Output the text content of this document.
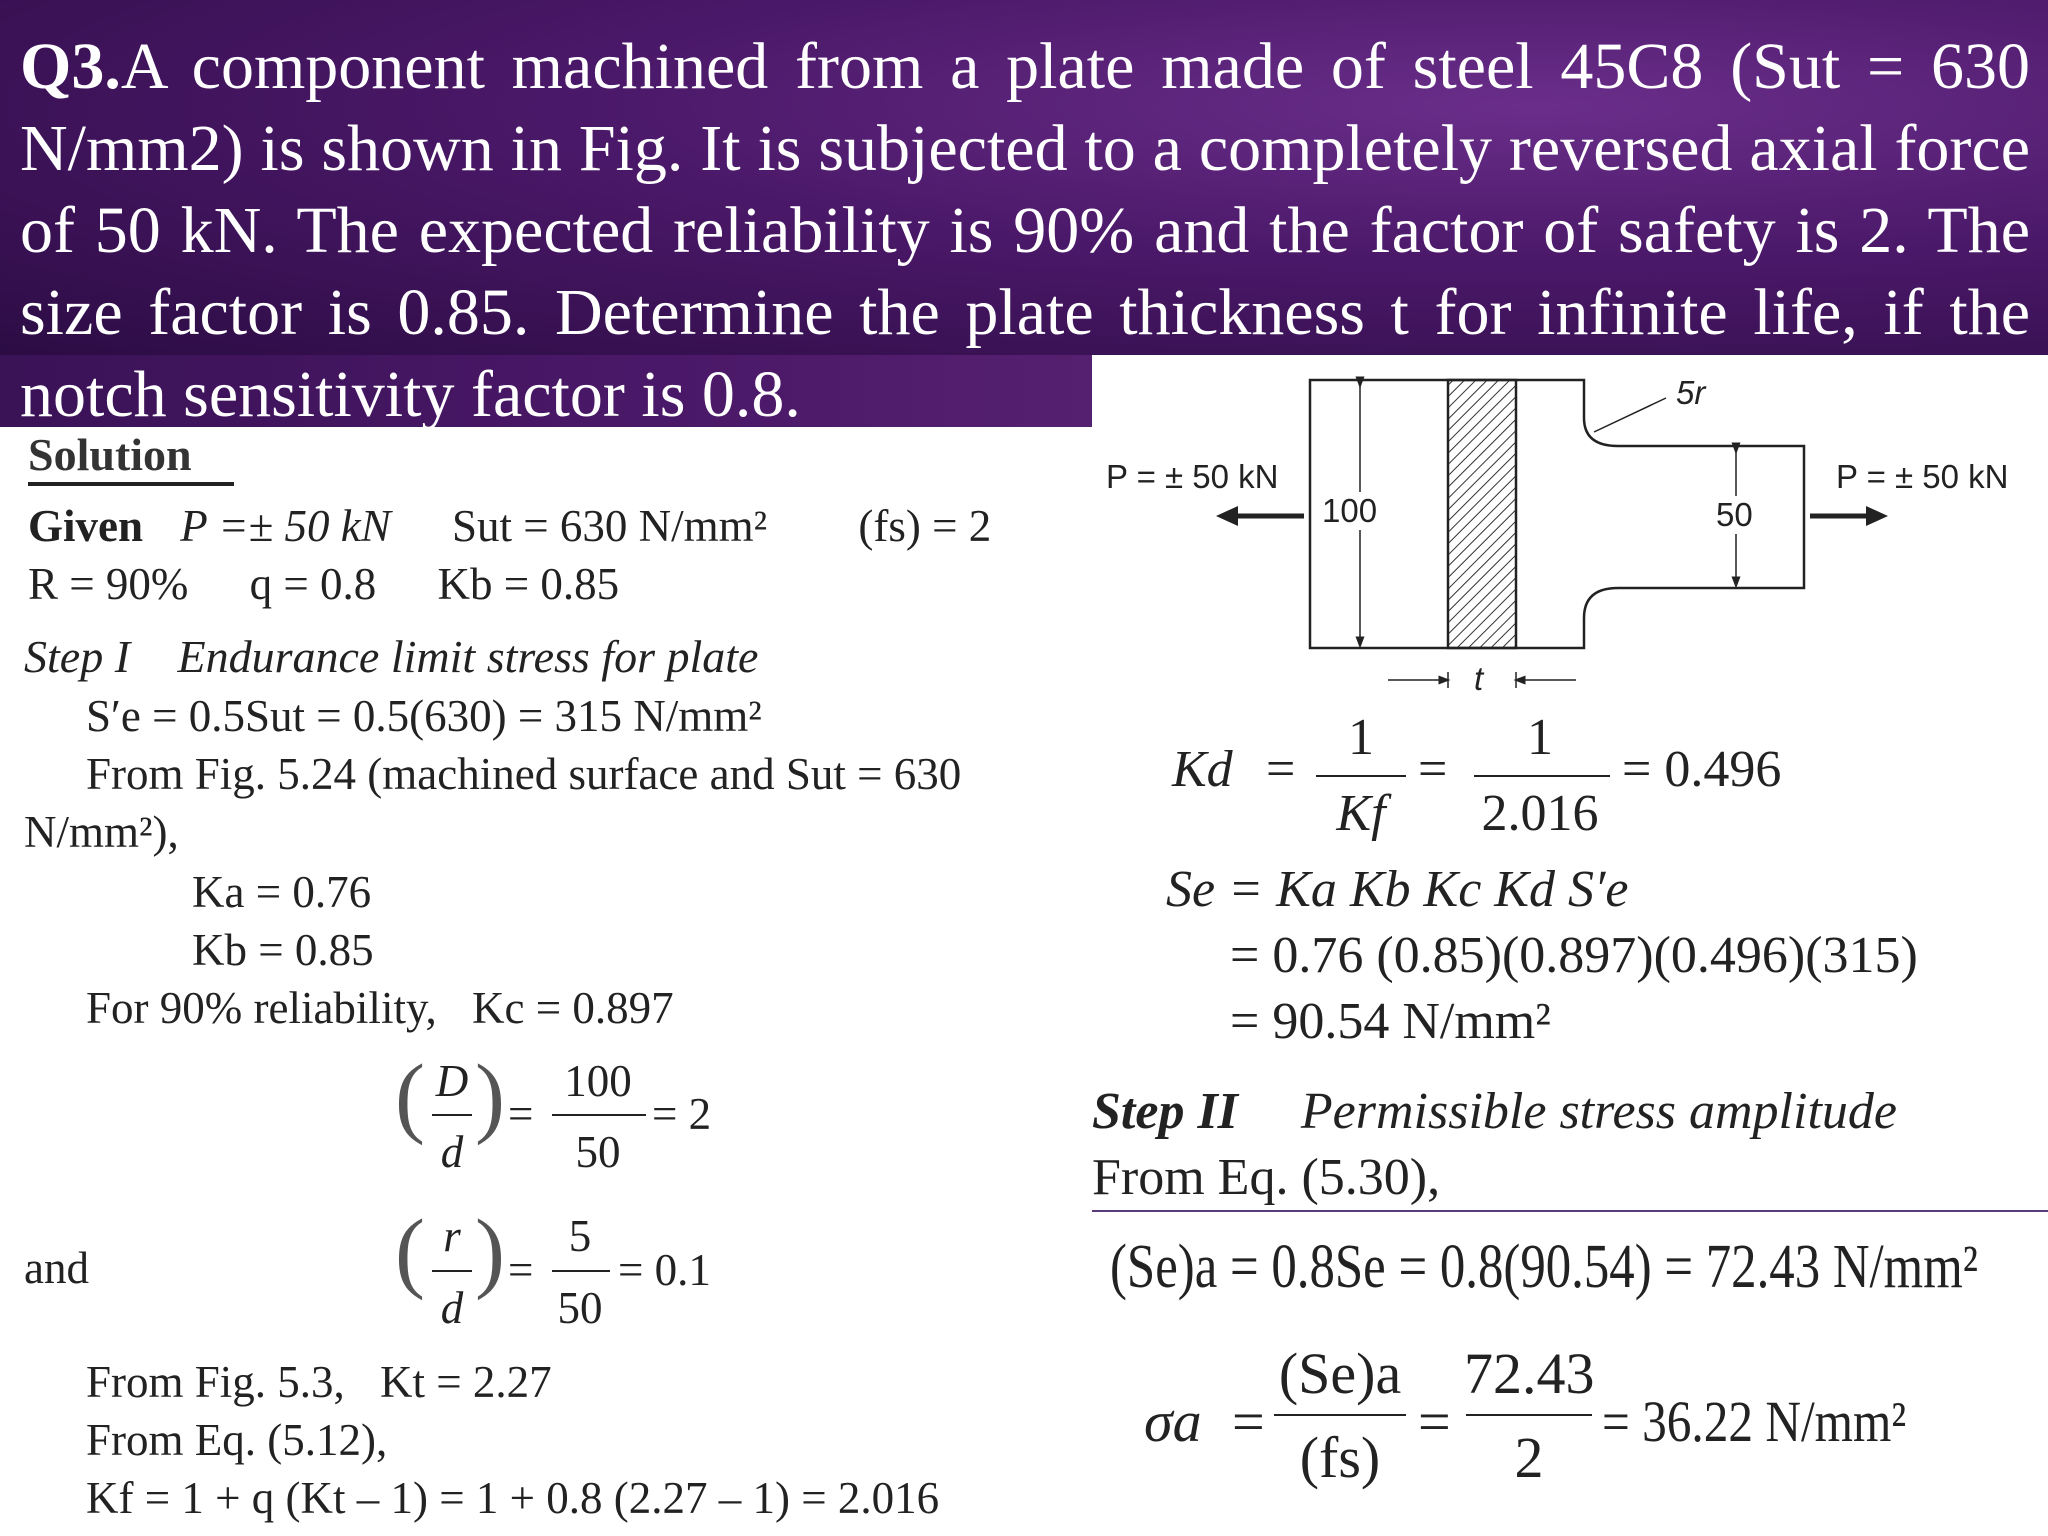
Q3.A component machined from a plate made of steel 45C8 (Sut = 630 N/mm2) is shown in Fig. It is subjected to a completely reversed axial force of 50 kN. The expected reliability is 90% and the factor of safety is 2. The size factor is 0.85. Determine the plate thickness t for infinite life, if the notch sensitivity factor is 0.8.
Solution
Given P =± 50 kN Sut = 630 N/mm² (fs) = 2
R = 90% q = 0.8 Kb = 0.85
Step I Endurance limit stress for plate
S′e = 0.5Sut = 0.5(630) = 315 N/mm²
From Fig. 5.24 (machined surface and Sut = 630
N/mm²),
Ka = 0.76
Kb = 0.85
For 90% reliability, Kc = 0.897
( D
d
) =
100
50
= 2
and	( r
d
) =
5
50
= 0.1
From Fig. 5.3, Kt = 2.27
From Eq. (5.12),
Kf = 1 + q (Kt – 1) = 1 + 0.8 (2.27 – 1) = 2.016
P = ± 50 kN	P = ± 50 kN
100	50
5r
t
Kd =
1
Kf
=
1
2.016
= 0.496
Se = Ka Kb Kc Kd S′e
= 0.76 (0.85)(0.897)(0.496)(315)
= 90.54 N/mm²
Step II Permissible stress amplitude
From Eq. (5.30),
(Se)a = 0.8Se = 0.8(90.54) = 72.43 N/mm²
σa =
(Se)a
(fs)
=
72.43
2
= 36.22 N/mm²
